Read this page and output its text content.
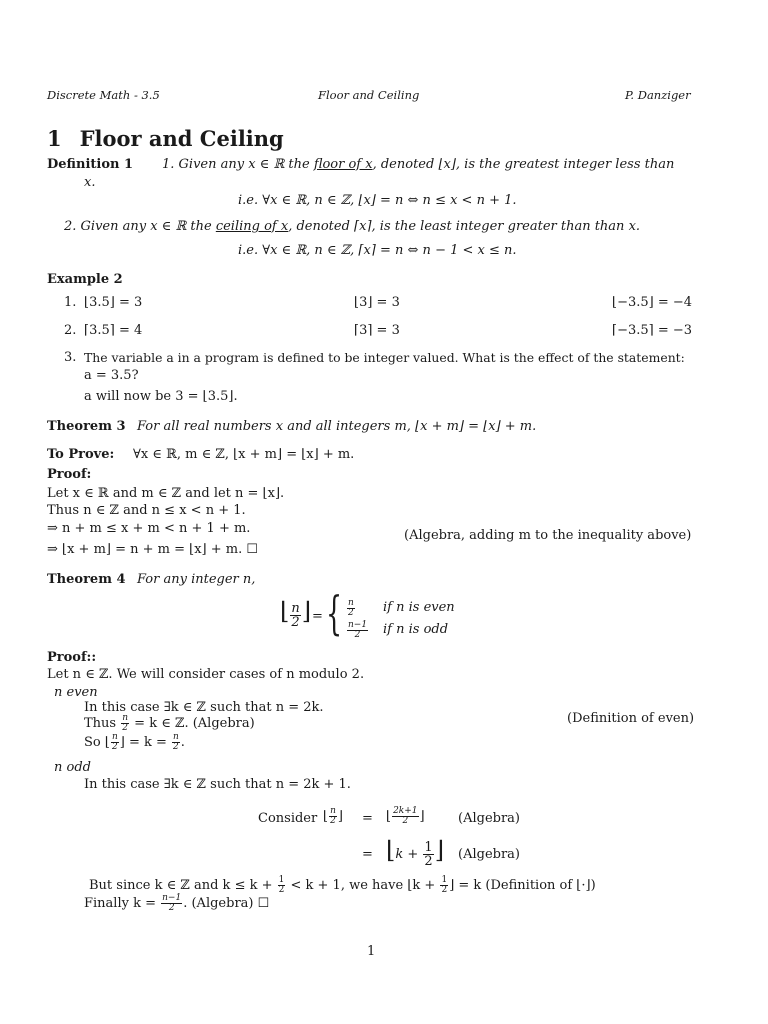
Discrete Math - 3.5	Floor and Ceiling	P. Danziger
1 Floor and Ceiling
Definition 1 1. Given any x ∈ ℝ the floor of x, denoted ⌊x⌋, is the greatest integer less than
x.
i.e. ∀x ∈ ℝ, n ∈ ℤ, ⌊x⌋ = n ⇔ n ≤ x < n + 1.
2. Given any x ∈ ℝ the ceiling of x, denoted ⌈x⌉, is the least integer greater than than x.
i.e. ∀x ∈ ℝ, n ∈ ℤ, ⌈x⌉ = n ⇔ n − 1 < x ≤ n.
Example 2
1. ⌊3.5⌋ = 3	⌊3⌋ = 3	⌊−3.5⌋ = −4
2. ⌈3.5⌉ = 4	⌈3⌉ = 3	⌈−3.5⌉ = −3
3. The variable a in a program is defined to be integer valued. What is the effect of the statement:
a = 3.5?
a will now be 3 = ⌊3.5⌋.
Theorem 3 For all real numbers x and all integers m, ⌊x + m⌋ = ⌊x⌋ + m.
To Prove: ∀x ∈ ℝ, m ∈ ℤ, ⌊x + m⌋ = ⌊x⌋ + m.
Proof:
Let x ∈ ℝ and m ∈ ℤ and let n = ⌊x⌋.
Thus n ∈ ℤ and n ≤ x < n + 1.
⇒ n + m ≤ x + m < n + 1 + m.
⇒ ⌊x + m⌋ = n + m = ⌊x⌋ + m. ☐
(Algebra, adding m to the inequality above)
Theorem 4 For any integer n,
⌊ $\frac{n}{2}$ ⌋ = { $\frac{n}{2}$ if n is even
$\frac{n-1}{2}$ if n is odd
Proof::
Let n ∈ ℤ. We will consider cases of n modulo 2.
n even
In this case ∃k ∈ ℤ such that n = 2k.
Thus $\frac{n}{2} = k$ ∈ ℤ. (Algebra)
So ⌊ $\frac{n}{2}$ ⌋ = $k = \frac{n}{2}$ .
(Definition of even)
n odd
In this case ∃k ∈ ℤ such that n = 2k + 1.
Consider ⌊ $\frac{n}{2}$ ⌋ = ⌊ $\frac{2k+1}{2}$ ⌋	(Algebra)
= ⌊k + $\frac{1}{2}$ ⌋ (Algebra)
But since k ∈ ℤ and $k \le k + \frac{1}{2} < k + 1$, we have ⌊k + $\frac{1}{2}$ ⌋ = k (Definition of ⌊·⌋)
Finally $k = \frac{n-1}{2}$ . (Algebra) ☐
1
